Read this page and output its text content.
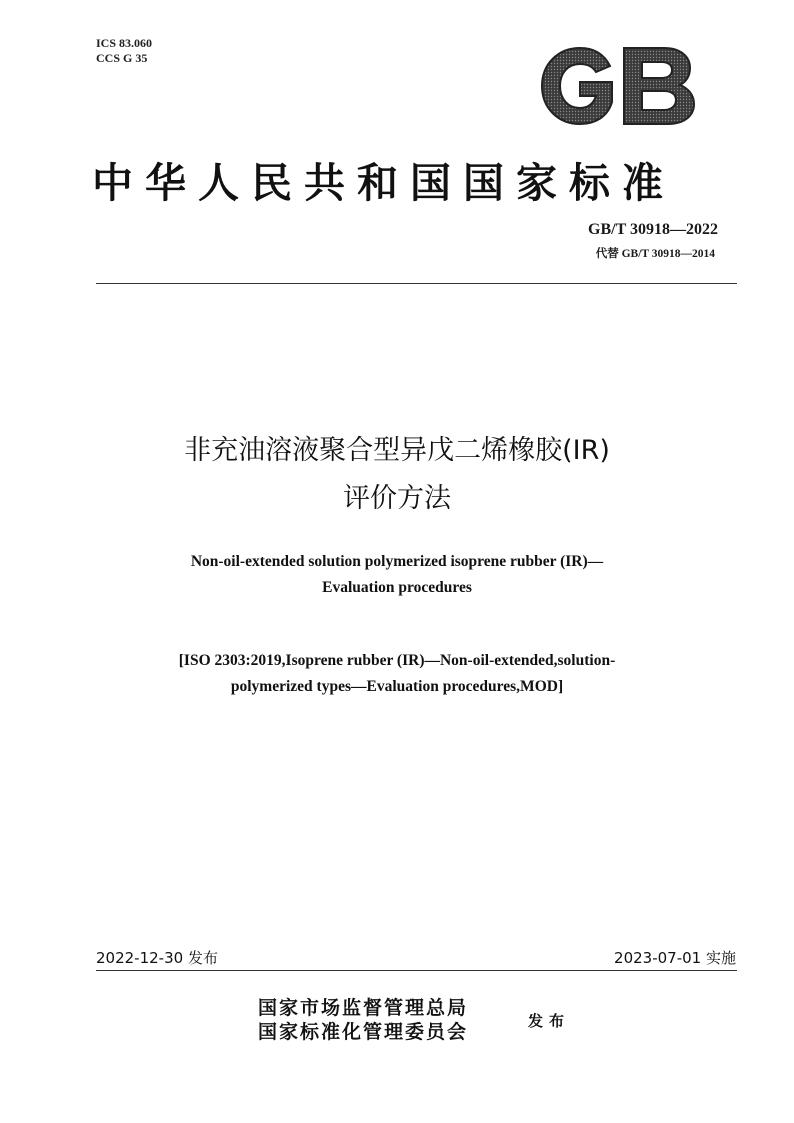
ICS 83.060
CCS G 35
GB
中华人民共和国国家标准
GB/T 30918—2022
代替 GB/T 30918—2014
非充油溶液聚合型异戊二烯橡胶(IR)
评价方法
Non-oil-extended solution polymerized isoprene rubber (IR)—
Evaluation procedures
[ISO 2303:2019,Isoprene rubber (IR)—Non-oil-extended,solution-
polymerized types—Evaluation procedures,MOD]
2022-12-30 发布	2023-07-01 实施
国家市场监督管理总局
国家标准化管理委员会	发布
